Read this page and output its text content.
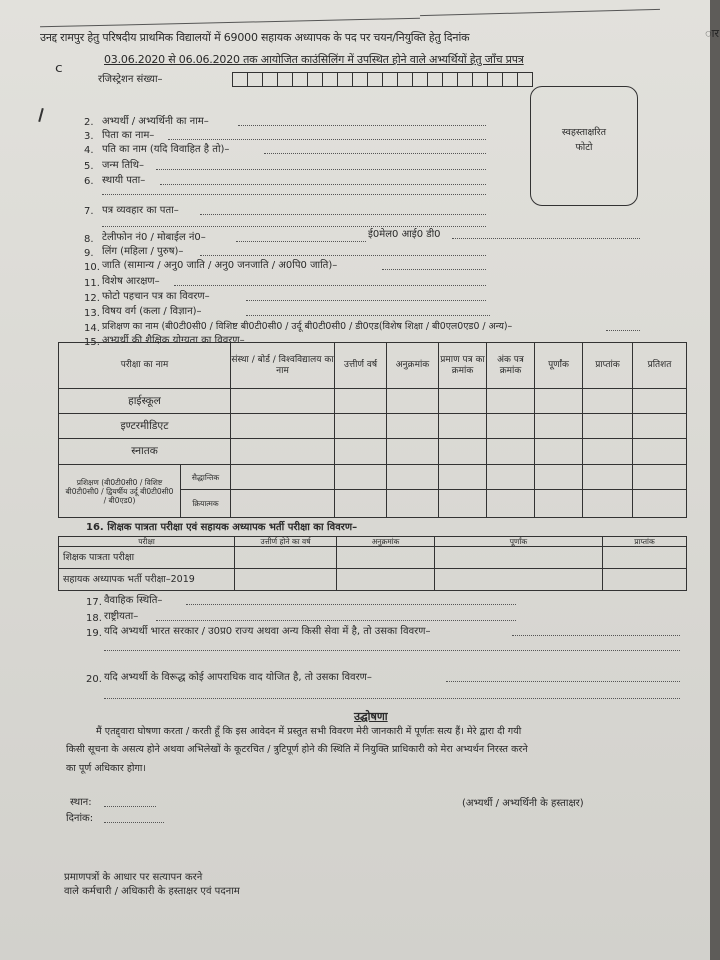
उनद्द रामपुर हेतु परिषदीय प्राथमिक विद्यालयों में 69000 सहायक अध्यापक के पद पर चयन/नियुक्ति हेतु दिनांक
03.06.2020 से 06.06.2020 तक आयोजित काउंसिलिंग में उपस्थित होने वाले अभ्यर्थियों हेतु जाँच प्रपत्र
ᶜ	रजिस्ट्रेशन संख्या–
स्वहस्ताक्षरित
फोटो
2. अभ्यर्थी / अभ्यर्थिनी का नाम–
3. पिता का नाम–
4. पति का नाम (यदि विवाहित है तो)–
5. जन्म तिथि–
6. स्थायी पता–
7. पत्र व्यवहार का पता–
8. टेलीफोन नं0 / मोबाईल नं0–	ई0मेल0 आई0 डी0
9. लिंग (महिला / पुरुष)–
10. जाति (सामान्य / अनु0 जाति / अनु0 जनजाति / अ0पि0 जाति)–
11. विशेष आरक्षण–
12. फोटो पहचान पत्र का विवरण–
13. विषय वर्ग (कला / विज्ञान)–
14. प्रशिक्षण का नाम (बी0टी0सी0 / विशिष्ट बी0टी0सी0 / उर्दू बी0टी0सी0 / डी0एड(विशेष शिक्षा / बी0एल0एड0 / अन्य)–
15. अभ्यर्थी की शैक्षिक योग्यता का विवरण–
परीक्षा का नाम		संस्था / बोर्ड / विश्वविद्यालय का नाम	उत्तीर्ण वर्ष	अनुक्रमांक	प्रमाण पत्र का क्रमांक	अंक पत्र क्रमांक	पूर्णांक	प्राप्तांक	प्रतिशत
हाईस्कूल									
इण्टरमीडिएट									
स्नातक									
प्रशिक्षण (बी0टी0सी0 / विशिष्ट बी0टी0सी0 / द्वियर्षीय उर्दू बी0टी0सी0 / बी0एड0)	सैद्धान्तिक								
	क्रियात्मक								
16. शिक्षक पात्रता परीक्षा एवं सहायक अध्यापक भर्ती परीक्षा का विवरण–
परीक्षा	उत्तीर्ण होने का वर्ष	अनुक्रमांक	पूर्णांक	प्राप्तांक
शिक्षक पात्रता परीक्षा				
सहायक अध्यापक भर्ती परीक्षा–2019				
17. वैवाहिक स्थिति–
18. राष्ट्रीयता–
19. यदि अभ्यर्थी भारत सरकार / उ0प्र0 राज्य अथवा अन्य किसी सेवा में है, तो उसका विवरण–
20. यदि अभ्यर्थी के विरूद्ध कोई आपराधिक वाद योजित है, तो उसका विवरण–
उद्घोषणा
मैं एतद्द्वारा घोषणा करता / करती हूँ कि इस आवेदन में प्रस्तुत सभी विवरण मेरी जानकारी में पूर्णतः सत्य हैं। मेरे द्वारा दी गयी
किसी सूचना के असत्य होने अथवा अभिलेखों के कूटरचित / त्रुटिपूर्ण होने की स्थिति में नियुक्ति प्राधिकारी को मेरा अभ्यर्थन निरस्त करने
का पूर्ण अधिकार होगा।
स्थान:
दिनांक:
(अभ्यर्थी / अभ्यर्थिनी के हस्ताक्षर)
प्रमाणपत्रों के आधार पर सत्यापन करने
वाले कर्मचारी / अधिकारी के हस्ताक्षर एवं पदनाम
ार
